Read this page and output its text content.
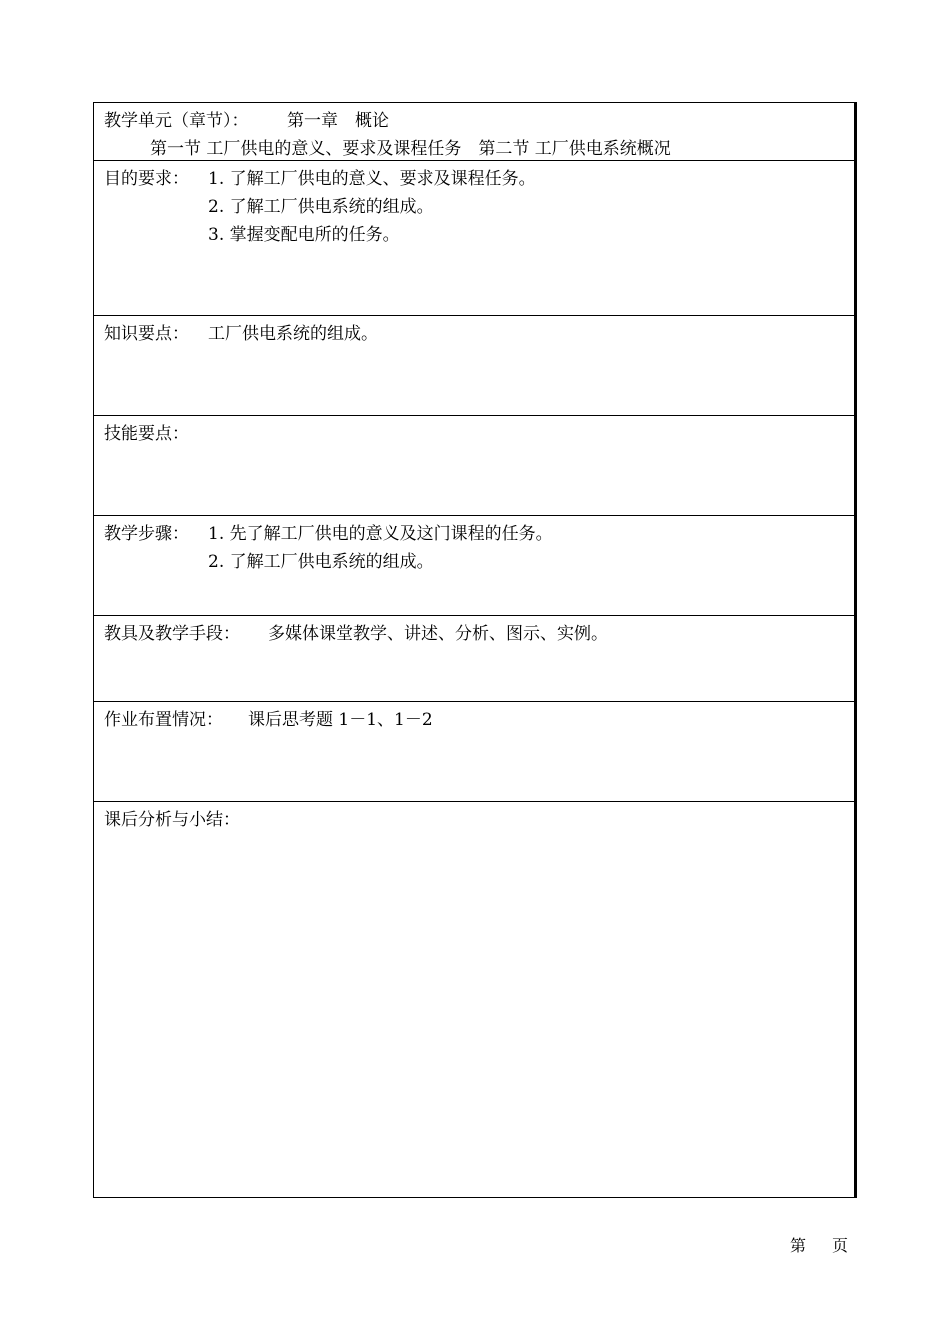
教学单元（章节）： 第一章　概论
第一节 工厂供电的意义、要求及课程任务　第二节 工厂供电系统概况
目的要求： 1. 了解工厂供电的意义、要求及课程任务。
2. 了解工厂供电系统的组成。
3. 掌握变配电所的任务。
知识要点： 工厂供电系统的组成。
技能要点：
教学步骤： 1. 先了解工厂供电的意义及这门课程的任务。
2. 了解工厂供电系统的组成。
教具及教学手段： 多媒体课堂教学、讲述、分析、图示、实例。
作业布置情况： 课后思考题 1－1、1－2
课后分析与小结：
第 页
